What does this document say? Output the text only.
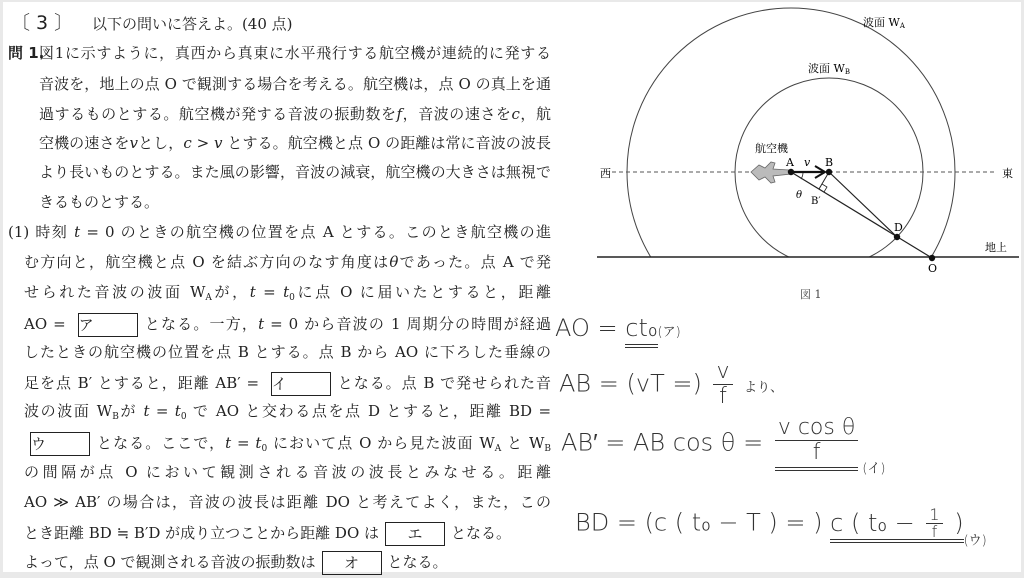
〔 3 〕 以下の問いに答えよ。(40 点)
問 1.
図1に示すように，真西から真東に水平飛行する航空機が連続的に発する
音波を，地上の点 O で観測する場合を考える。航空機は，点 O の真上を通
過するものとする。航空機が発する音波の振動数をf，音波の速さをc，航
空機の速さをvとし，c > v とする。航空機と点 O の距離は常に音波の波長
より長いものとする。また風の影響，音波の減衰，航空機の大きさは無視で
きるものとする。
(1) 時刻 t = 0 のときの航空機の位置を点 A とする。このとき航空機の進
む方向と，航空機と点 O を結ぶ方向のなす角度はθであった。点 A で発
せられた音波の波面 $W_A$が，$t = t_0$に点 O に届いたとすると，距離
AO = ア	となる。一方，t = 0 から音波の 1 周期分の時間が経過
したときの航空機の位置を点 B とする。点 B から AO に下ろした垂線の
足を点 B′ とすると，距離 AB′ = イ	となる。点 B で発せられた音
波の波面 $W_B$が $t = t_0$ で AO と交わる点を点 D とすると，距離 BD =
ウ	となる。ここで，$t = t_0$ において点 O から見た波面 $W_A$ と $W_B$
の間隔が点 O において観測される音波の波長とみなせる。距離
AO ≫ AB′ の場合は，音波の波長は距離 DO と考えてよく，また，この
とき距離 BD ≒ B′D が成り立つことから距離 DO は エ となる。
よって，点 O で観測される音波の振動数は オ となる。
波面 WA
波面 WB
航空機
西	東
地上
A v B
θ
B′
D
O
図 1
AO = ct₀(ア)
AB = (vT =) $\frac{v}{f}$ より、
AB′ = AB $\cos \theta = \frac{\text{v cos θ}}{f} _{(イ)}$
BD = (c ( t₀ − T ) = ) c ( $t_0 - \frac{1}{f} )_{(ウ)}$
